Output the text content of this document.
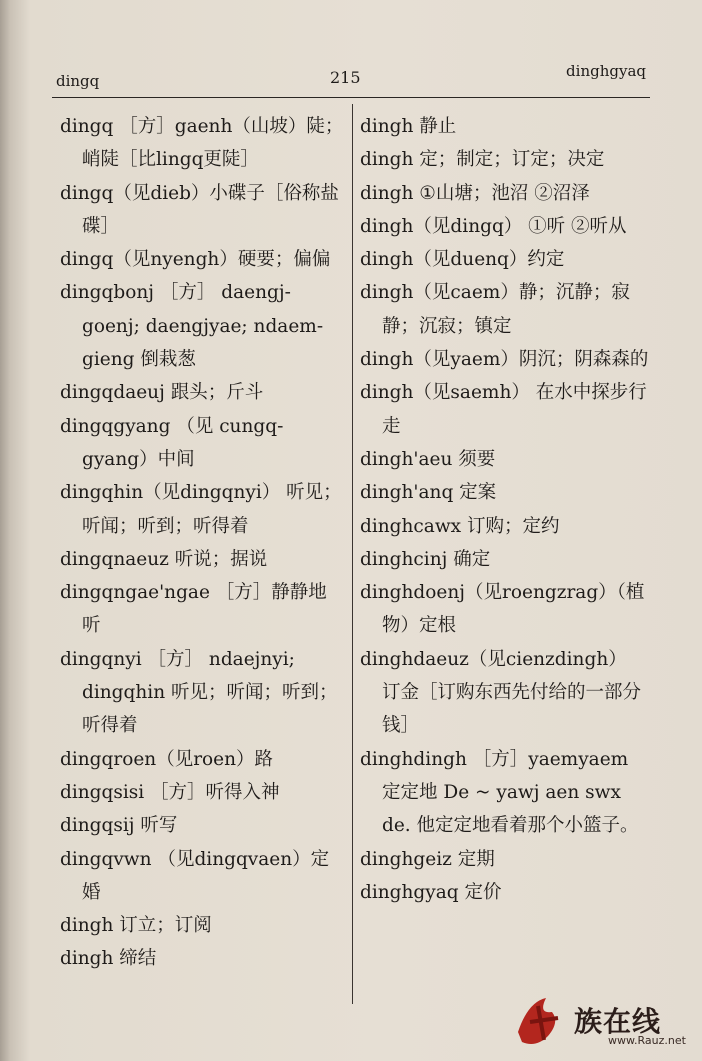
dingq	215	dinghgyaq

dingq ［方］gaenh（山坡）陡；峭陡［比lingq更陡］

dingq（见dieb）小碟子［俗称盐碟］

dingq（见nyengh）硬要；偏偏

dingqbonj ［方］ daengj-goenj; daengjyae; ndaem-gieng 倒栽葱

dingqdaeuj 跟头；斤斗

dingqgyang （见 cungq-gyang）中间

dingqhin（见dingqnyi） 听见；听闻；听到；听得着

dingqnaeuz 听说；据说

dingqngae'ngae ［方］静静地听

dingqnyi ［方］ ndaejnyi; dingqhin 听见；听闻；听到；听得着

dingqroen（见roen）路

dingqsisi ［方］听得入神

dingqsij 听写

dingqvwn （见dingqvaen）定婚

dingh 订立；订阅

dingh 缔结

dingh 静止

dingh 定；制定；订定；决定

dingh ①山塘；池沼 ②沼泽

dingh（见dingq） ①听 ②听从

dingh（见duenq）约定

dingh（见caem）静；沉静；寂静；沉寂；镇定

dingh（见yaem）阴沉；阴森森的

dingh（见saemh） 在水中探步行走

dingh'aeu 须要

dingh'anq 定案

dinghcawx 订购；定约

dinghcinj 确定

dinghdoenj（见roengzrag）（植物）定根

dinghdaeuz（见cienzdingh） 订金［订购东西先付给的一部分钱］

dinghdingh ［方］yaemyaem 定定地 De ~ yawj aen swx de. 他定定地看着那个小篮子。

dinghgeiz 定期

dinghgyaq 定价

族在线
www.Rauz.net
